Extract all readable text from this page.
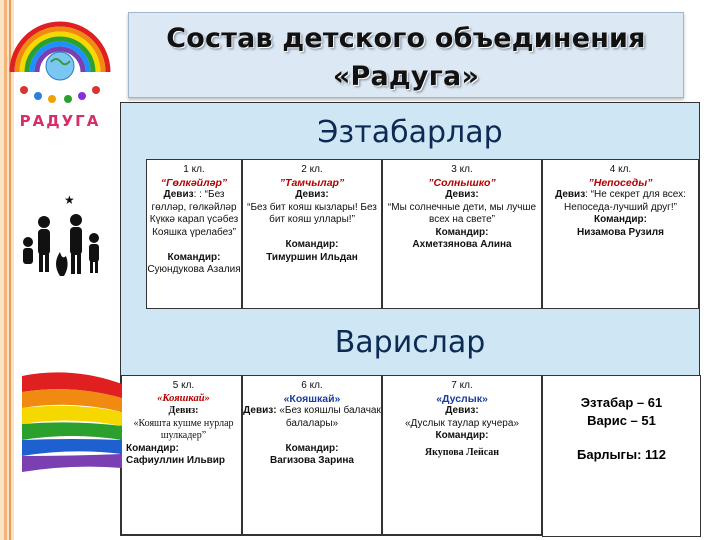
РАДУГА
Состав детского объединения
«Радуга»
★
Эзтабарлар
1 кл.
“Гөлкәйләр”
Девиз: : “Без гөлләр, гөлкәйләр Күккә карап үсәбез Кояшка үрелабез”

Командир:
Суюндукова Азалия
2 кл.
”Тамчылар”
Девиз:
“Без бит кояш кызлары! Без бит кояш уллары!”

Командир:
Тимуршин Ильдан
3 кл.
”Солнышко”
Девиз:
“Мы солнечные дети, мы лучше всех на свете”
Командир:
Ахметзянова Алина
4 кл.
”Непоседы”
Девиз: “Не секрет для всех: Непоседа-лучший друг!”
Командир:
Низамова Рузиля
Варислар
5 кл.
«Кояшкай»
Девиз:
«Кояшта кушме нурлар шулкадер”
Командир:
Сафиуллин Ильвир
6 кл.
«Кояшкай»
Девиз: «Без кояшлы балачак балалары»

Командир:
Вагизова Зарина
7 кл.
«Дуслык»
Девиз:
«Дуслык таулар кучера»
Командир:
Якупова Лейсан
Эзтабар – 61
Варис – 51
Барлыгы: 112
